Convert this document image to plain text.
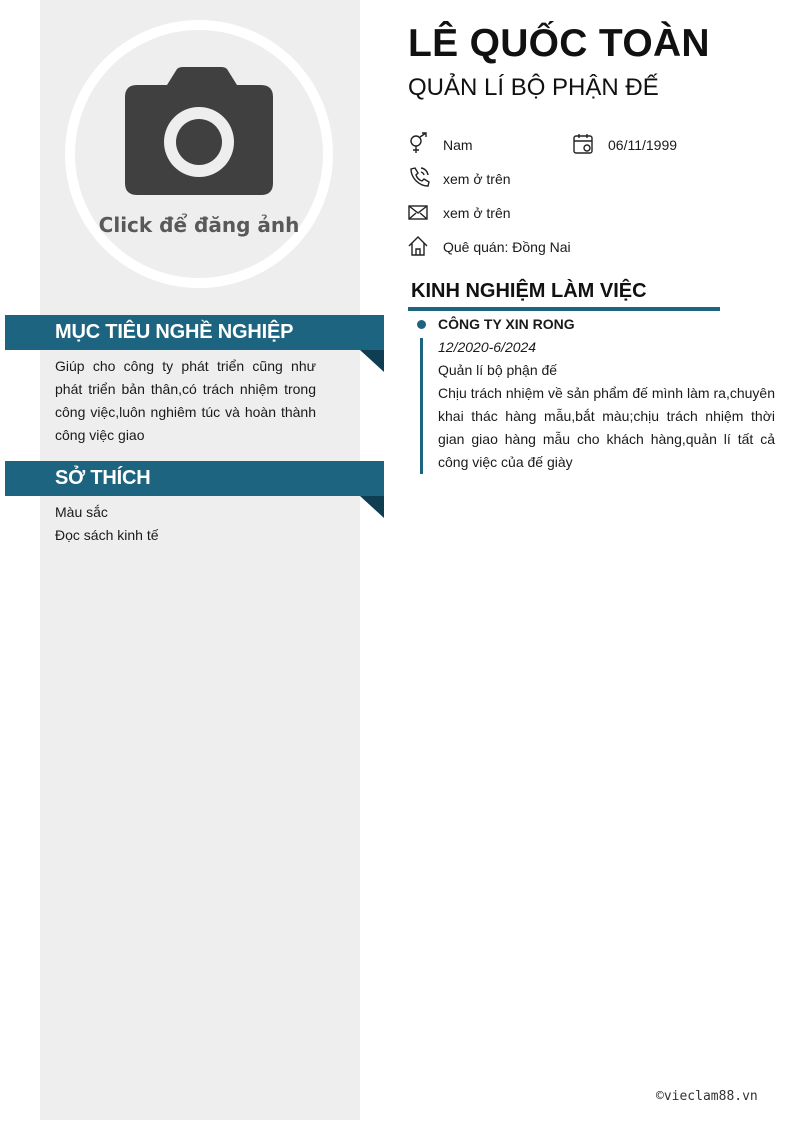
Click để đăng ảnh
MỤC TIÊU NGHỀ NGHIỆP
Giúp cho công ty phát triển cũng như phát triển bản thân,có trách nhiệm trong công việc,luôn nghiêm túc và hoàn thành công việc giao
SỞ THÍCH
Màu sắc
Đọc sách kinh tế
LÊ QUỐC TOÀN
QUẢN LÍ BỘ PHẬN ĐẾ
Nam	06/11/1999
xem ở trên
xem ở trên
Quê quán: Đồng Nai
KINH NGHIỆM LÀM VIỆC
CÔNG TY XIN RONG
12/2020-6/2024
Quản lí bộ phận đế
Chịu trách nhiệm về sản phẩm đế mình làm ra,chuyên khai thác hàng mẫu,bắt màu;chịu trách nhiệm thời gian giao hàng mẫu cho khách hàng,quản lí tất cả công việc của đế giày
©vieclam88.vn
